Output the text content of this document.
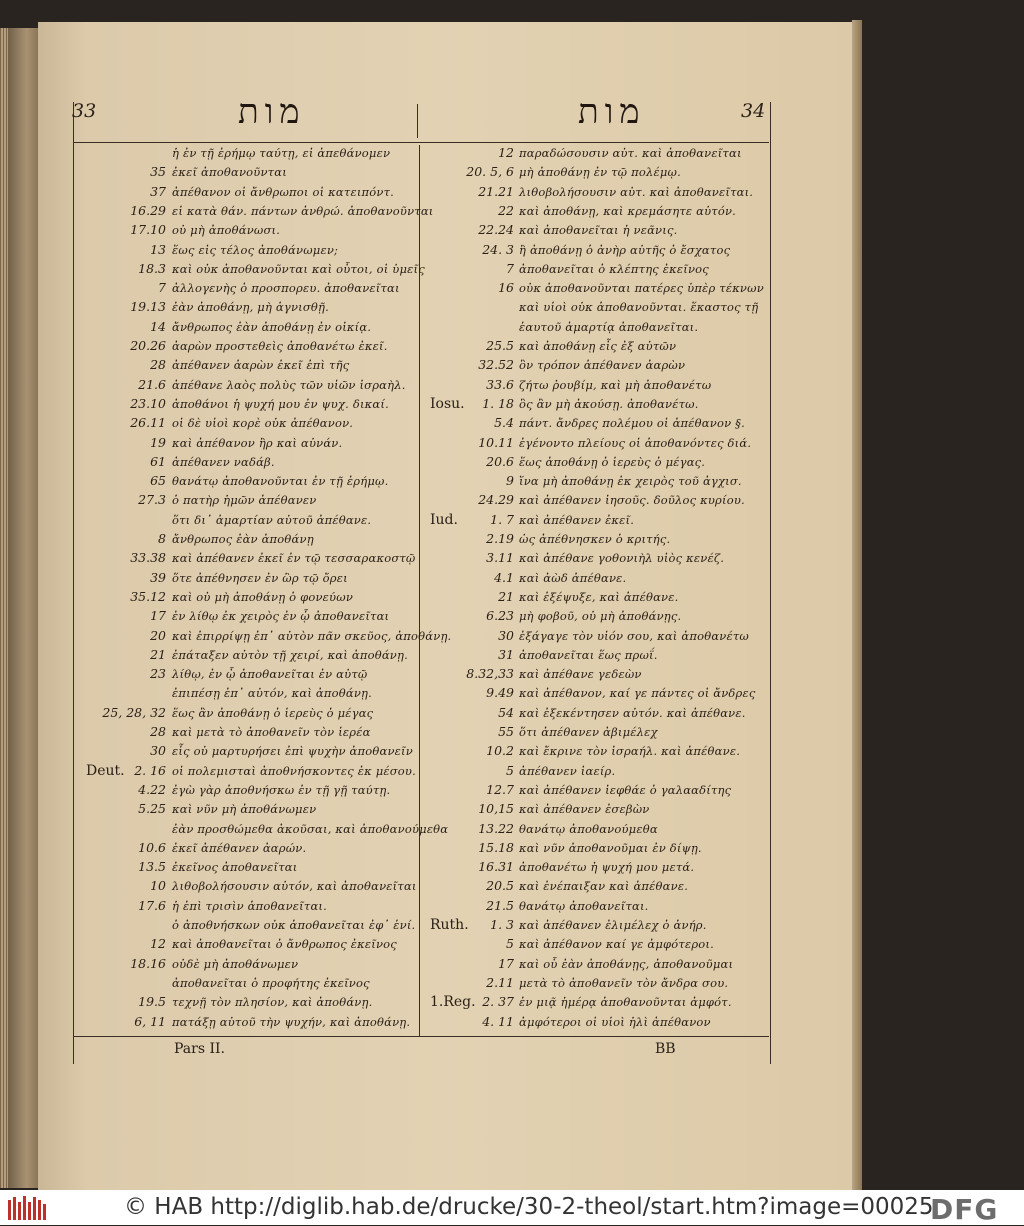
33	34
מות	מות
ἡ ἐν τῇ ἐρήμῳ ταύτῃ, εἰ ἀπεθάνομεν
35 ἐκεῖ ἀποθανοῦνται
37 ἀπέθανον οἱ ἄνθρωποι οἱ κατειπόντ.
16.29 εἰ κατὰ θάν. πάντων ἀνθρώ. ἀποθανοῦνται
17.10 οὐ μὴ ἀποθάνωσι.
13 ἕως εἰς τέλος ἀποθάνωμεν;
18.3 καὶ οὐκ ἀποθανοῦνται καὶ οὗτοι, οἱ ὑμεῖς
7 ἀλλογενὴς ὁ προσπορευ. ἀποθανεῖται
19.13 ἐὰν ἀποθάνῃ, μὴ ἁγνισθῇ.
14 ἄνθρωπος ἐὰν ἀποθάνῃ ἐν οἰκίᾳ.
20.26 ἀαρὼν προστεθεὶς ἀποθανέτω ἐκεῖ.
28 ἀπέθανεν ἀαρὼν ἐκεῖ ἐπὶ τῆς
21.6 ἀπέθανε λαὸς πολὺς τῶν υἱῶν ἰσραὴλ.
23.10 ἀποθάνοι ἡ ψυχή μου ἐν ψυχ. δικαί.
26.11 οἱ δὲ υἱοὶ κορὲ οὐκ ἀπέθανον.
19 καὶ ἀπέθανον ἢρ καὶ αὐνάν.
61 ἀπέθανεν ναδάβ.
65 θανάτῳ ἀποθανοῦνται ἐν τῇ ἐρήμῳ.
27.3 ὁ πατὴρ ἡμῶν ἀπέθανεν
ὅτι δι᾽ ἁμαρτίαν αὐτοῦ ἀπέθανε.
8 ἄνθρωπος ἐὰν ἀποθάνῃ
33.38 καὶ ἀπέθανεν ἐκεῖ ἐν τῷ τεσσαρακοστῷ
39 ὅτε ἀπέθνησεν ἐν ὢρ τῷ ὄρει
35.12 καὶ οὐ μὴ ἀποθάνῃ ὁ φονεύων
17 ἐν λίθῳ ἐκ χειρὸς ἐν ᾧ ἀποθανεῖται
20 καὶ ἐπιρρίψῃ ἐπ᾽ αὐτὸν πᾶν σκεῦος, ἀποθάνῃ.
21 ἐπάταξεν αὐτὸν τῇ χειρί, καὶ ἀποθάνῃ.
23 λίθῳ, ἐν ᾧ ἀποθανεῖται ἐν αὐτῷ
ἐπιπέσῃ ἐπ᾽ αὐτόν, καὶ ἀποθάνῃ.
25, 28, 32 ἕως ἂν ἀποθάνῃ ὁ ἱερεὺς ὁ μέγας
28 καὶ μετὰ τὸ ἀποθανεῖν τὸν ἱερέα
30 εἷς οὐ μαρτυρήσει ἐπὶ ψυχὴν ἀποθανεῖν
Deut. 2. 16 οἱ πολεμισταὶ ἀποθνήσκοντες ἐκ μέσου.
4.22 ἐγὼ γὰρ ἀποθνήσκω ἐν τῇ γῇ ταύτῃ.
5.25 καὶ νῦν μὴ ἀποθάνωμεν
ἐὰν προσθώμεθα ἀκοῦσαι, καὶ ἀποθανούμεθα
10.6 ἐκεῖ ἀπέθανεν ἀαρών.
13.5 ἐκεῖνος ἀποθανεῖται
10 λιθοβολήσουσιν αὐτόν, καὶ ἀποθανεῖται
17.6 ἡ ἐπὶ τρισὶν ἀποθανεῖται.
ὁ ἀποθνήσκων οὐκ ἀποθανεῖται ἐφ᾽ ἑνί.
12 καὶ ἀποθανεῖται ὁ ἄνθρωπος ἐκεῖνος
18.16 οὐδὲ μὴ ἀποθάνωμεν
ἀποθανεῖται ὁ προφήτης ἐκεῖνος
19.5 τεχνῇ τὸν πλησίον, καὶ ἀποθάνῃ.
6, 11 πατάξῃ αὐτοῦ τὴν ψυχήν, καὶ ἀποθάνῃ.
12 παραδώσουσιν αὐτ. καὶ ἀποθανεῖται
20. 5, 6 μὴ ἀποθάνῃ ἐν τῷ πολέμῳ.
21.21 λιθοβολήσουσιν αὐτ. καὶ ἀποθανεῖται.
22 καὶ ἀποθάνῃ, καὶ κρεμάσητε αὐτόν.
22.24 καὶ ἀποθανεῖται ἡ νεᾶνις.
24. 3 ἢ ἀποθάνῃ ὁ ἀνὴρ αὐτῆς ὁ ἔσχατος
7 ἀποθανεῖται ὁ κλέπτης ἐκεῖνος
16 οὐκ ἀποθανοῦνται πατέρες ὑπὲρ τέκνων
καὶ υἱοὶ οὐκ ἀποθανοῦνται. ἕκαστος τῇ
ἑαυτοῦ ἁμαρτίᾳ ἀποθανεῖται.
25.5 καὶ ἀποθάνῃ εἷς ἐξ αὐτῶν
32.52 ὃν τρόπον ἀπέθανεν ἀαρὼν
33.6 ζήτω ῥουβίμ, καὶ μὴ ἀποθανέτω
Iosu.	1. 18 ὃς ἂν μὴ ἀκούσῃ. ἀποθανέτω.
5.4 πάντ. ἄνδρες πολέμου οἱ ἀπέθανον §.
10.11 ἐγένοντο πλείους οἱ ἀποθανόντες διά.
20.6 ἕως ἀποθάνῃ ὁ ἱερεὺς ὁ μέγας.
9 ἵνα μὴ ἀποθάνῃ ἐκ χειρὸς τοῦ ἀγχισ.
24.29 καὶ ἀπέθανεν ἰησοῦς. δοῦλος κυρίου.
Iud.	1. 7 καὶ ἀπέθανεν ἐκεῖ.
2.19 ὡς ἀπέθνησκεν ὁ κριτής.
3.11 καὶ ἀπέθανε γοθονιὴλ υἱὸς κενέζ.
4.1 καὶ ἀὼδ ἀπέθανε.
21 καὶ ἐξέψυξε, καὶ ἀπέθανε.
6.23 μὴ φοβοῦ, οὐ μὴ ἀποθάνῃς.
30 ἐξάγαγε τὸν υἱόν σου, καὶ ἀποθανέτω
31 ἀποθανεῖται ἕως πρωΐ.
8.32,33 καὶ ἀπέθανε γεδεὼν
9.49 καὶ ἀπέθανον, καί γε πάντες οἱ ἄνδρες
54 καὶ ἐξεκέντησεν αὐτόν. καὶ ἀπέθανε.
55 ὅτι ἀπέθανεν ἀβιμέλεχ
10.2 καὶ ἔκρινε τὸν ἰσραήλ. καὶ ἀπέθανε.
5 ἀπέθανεν ἰαείρ.
12.7 καὶ ἀπέθανεν ἰεφθάε ὁ γαλααδίτης
10,15 καὶ ἀπέθανεν ἐσεβὼν
13.22 θανάτῳ ἀποθανούμεθα
15.18 καὶ νῦν ἀποθανοῦμαι ἐν δίψῃ.
16.31 ἀποθανέτω ἡ ψυχή μου μετά.
20.5 καὶ ἐνέπαιξαν καὶ ἀπέθανε.
21.5 θανάτῳ ἀποθανεῖται.
Ruth.	1. 3 καὶ ἀπέθανεν ἐλιμέλεχ ὁ ἀνήρ.
5 καὶ ἀπέθανον καί γε ἀμφότεροι.
17 καὶ οὗ ἐὰν ἀποθάνῃς, ἀποθανοῦμαι
2.11 μετὰ τὸ ἀποθανεῖν τὸν ἄνδρα σου.
1.Reg. 2. 37 ἐν μιᾷ ἡμέρᾳ ἀποθανοῦνται ἀμφότ.
4. 11 ἀμφότεροι οἱ υἱοὶ ἠλὶ ἀπέθανον
Pars II.	BB
© HAB http://diglib.hab.de/drucke/30-2-theol/start.htm?image=00025
DFG
